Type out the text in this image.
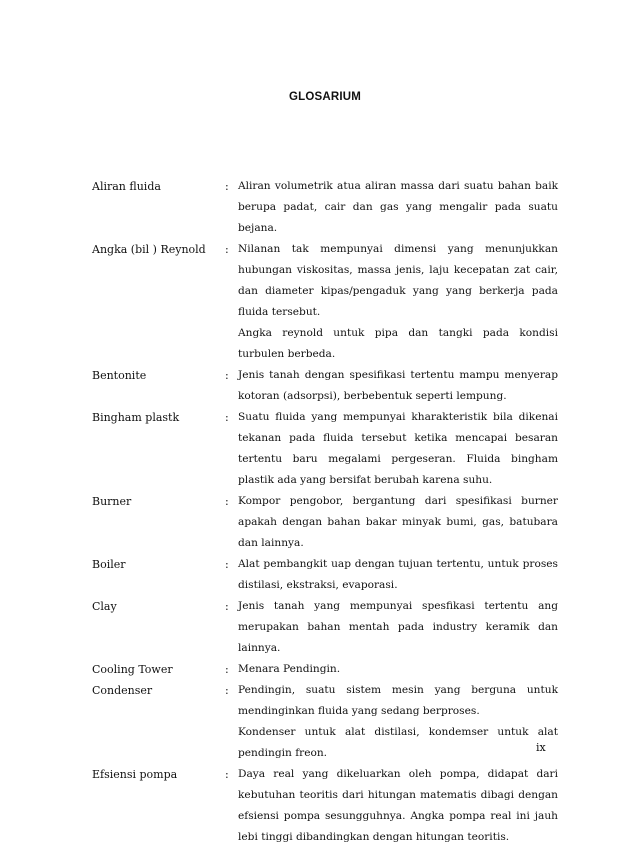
GLOSARIUM
Aliran fluida	: Aliran volumetrik atua aliran massa dari suatu bahan baik berupa padat, cair dan gas yang mengalir pada suatu bejana.

Angka (bil ) Reynold	: Nilanan tak mempunyai dimensi yang menunjukkan hubungan viskositas, massa jenis, laju kecepatan zat cair, dan diameter kipas/pengaduk yang yang berkerja pada fluida tersebut.

Angka reynold untuk pipa dan tangki pada kondisi turbulen berbeda.

Bentonite	: Jenis tanah dengan spesifikasi tertentu mampu menyerap kotoran (adsorpsi), berbebentuk seperti lempung.

Bingham plastk	: Suatu fluida yang mempunyai kharakteristik bila dikenai tekanan pada fluida tersebut ketika mencapai besaran tertentu baru megalami pergeseran. Fluida bingham plastik ada yang bersifat berubah karena suhu.

Burner	: Kompor pengobor, bergantung dari spesifikasi burner apakah dengan bahan bakar minyak bumi, gas, batubara dan lainnya.

Boiler	: Alat pembangkit uap dengan tujuan tertentu, untuk proses distilasi, ekstraksi, evaporasi.

Clay	: Jenis tanah yang mempunyai spesfikasi tertentu ang merupakan bahan mentah pada industry keramik dan lainnya.

Cooling Tower	: Menara Pendingin.

Condenser	: Pendingin, suatu sistem mesin yang berguna untuk mendinginkan fluida yang sedang berproses.

Kondenser untuk alat distilasi, kondemser untuk alat pendingin freon.

Efsiensi pompa	: Daya real yang dikeluarkan oleh pompa, didapat dari kebutuhan teoritis dari hitungan matematis dibagi dengan efsiensi pompa sesungguhnya. Angka pompa real ini jauh lebi tinggi dibandingkan dengan hitungan teoritis.

ix
